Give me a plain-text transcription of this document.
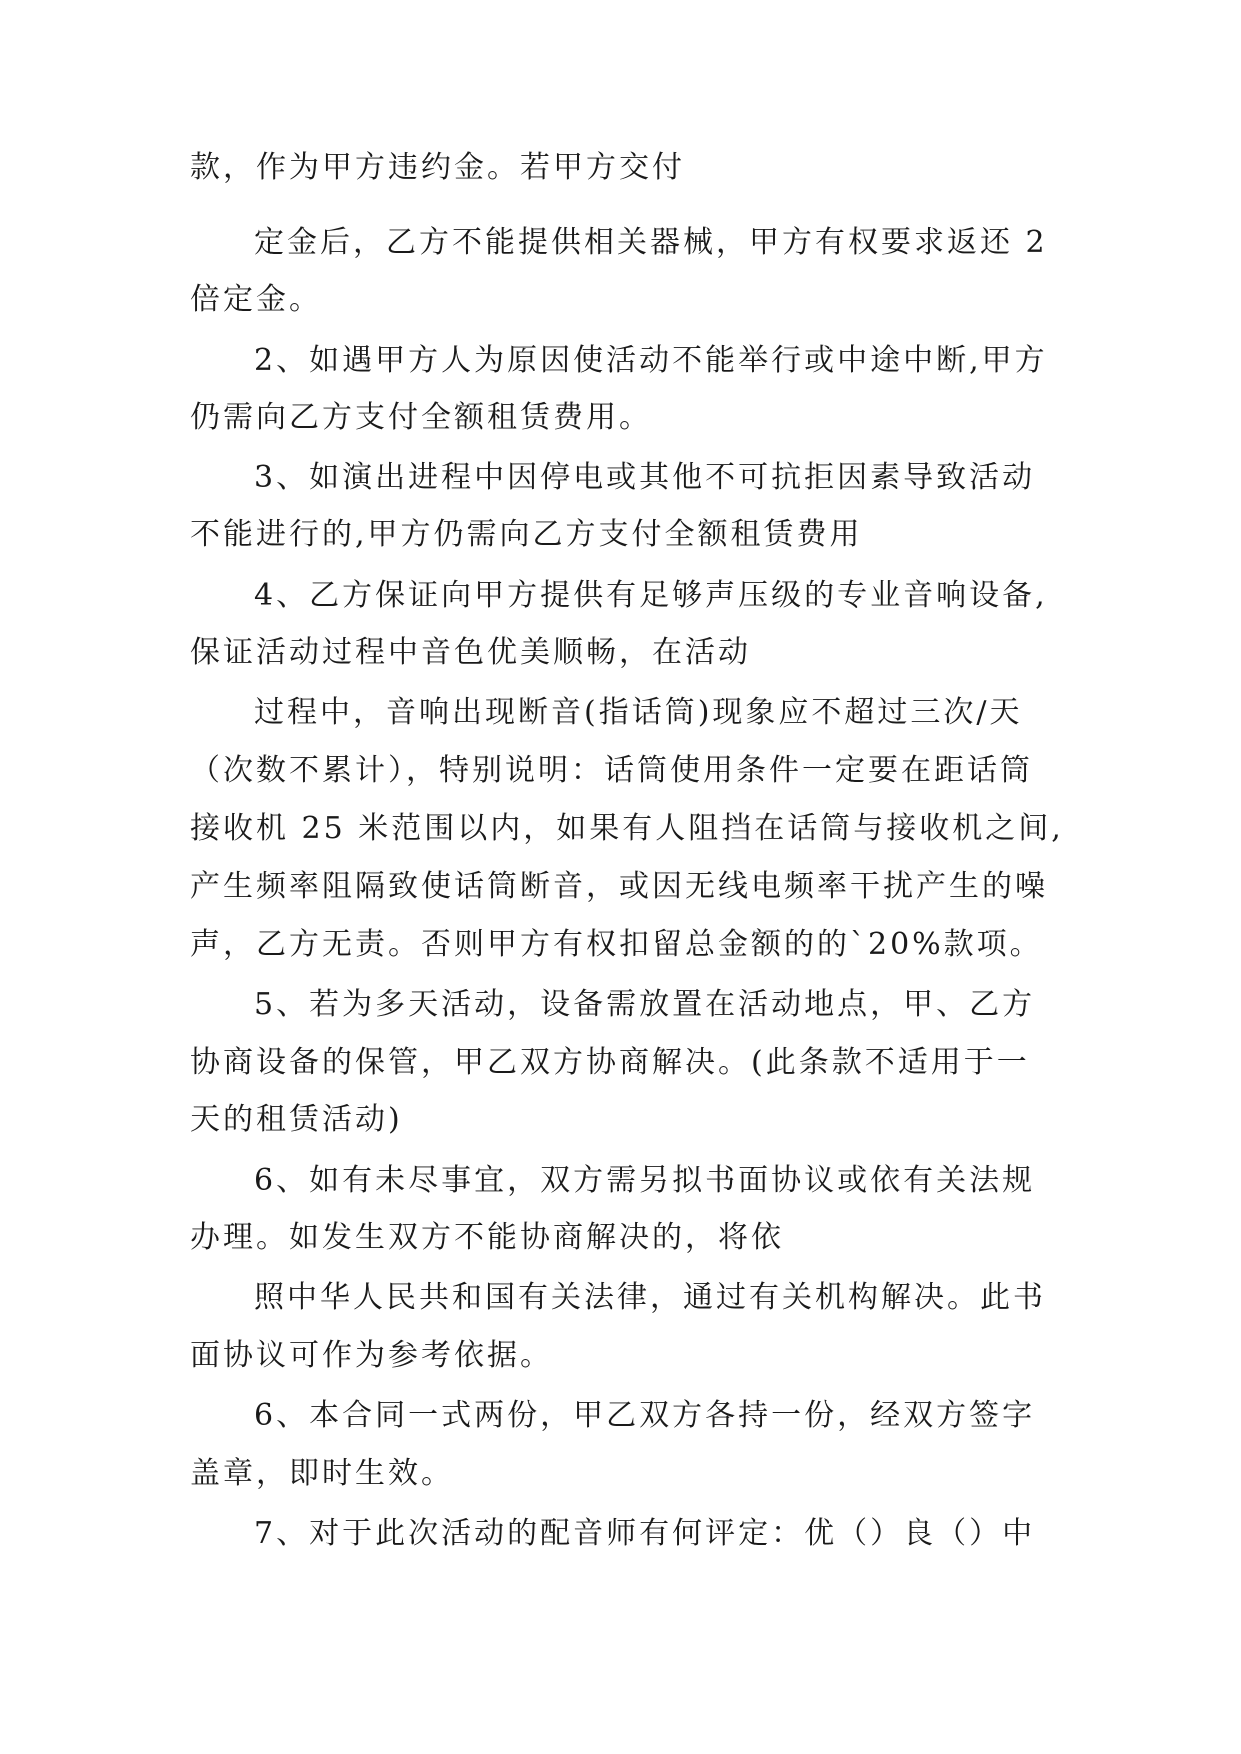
款，作为甲方违约金。若甲方交付
定金后，乙方不能提供相关器械，甲方有权要求返还 2
倍定金。
2、如遇甲方人为原因使活动不能举行或中途中断,甲方
仍需向乙方支付全额租赁费用。
3、如演出进程中因停电或其他不可抗拒因素导致活动
不能进行的,甲方仍需向乙方支付全额租赁费用
4、乙方保证向甲方提供有足够声压级的专业音响设备,
保证活动过程中音色优美顺畅，在活动
过程中，音响出现断音(指话筒)现象应不超过三次/天
（次数不累计），特别说明：话筒使用条件一定要在距话筒
接收机 25 米范围以内，如果有人阻挡在话筒与接收机之间,
产生频率阻隔致使话筒断音，或因无线电频率干扰产生的噪
声，乙方无责。否则甲方有权扣留总金额的的`20%款项。
5、若为多天活动，设备需放置在活动地点，甲、乙方
协商设备的保管，甲乙双方协商解决。(此条款不适用于一
天的租赁活动)
6、如有未尽事宜，双方需另拟书面协议或依有关法规
办理。如发生双方不能协商解决的，将依
照中华人民共和国有关法律，通过有关机构解决。此书
面协议可作为参考依据。
6、本合同一式两份，甲乙双方各持一份，经双方签字
盖章，即时生效。
7、对于此次活动的配音师有何评定：优（）良（）中
